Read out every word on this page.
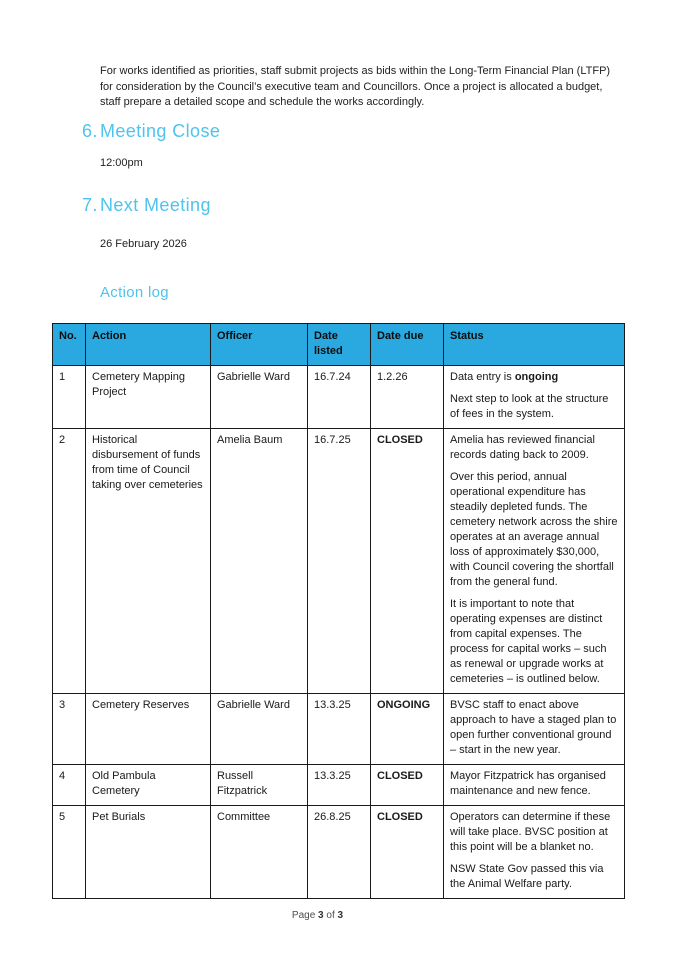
For works identified as priorities, staff submit projects as bids within the Long-Term Financial Plan (LTFP) for consideration by the Council’s executive team and Councillors. Once a project is allocated a budget, staff prepare a detailed scope and schedule the works accordingly.

6. Meeting Close

12:00pm

7. Next Meeting

26 February 2026

Action log
No.	Action	Officer	Date listed	Date due	Status
1	Cemetery Mapping Project	Gabrielle Ward	16.7.24	1.2.26	Data entry is ongoing

Next step to look at the structure of fees in the system.

2	Historical disbursement of funds from time of Council taking over cemeteries	Amelia Baum	16.7.25	CLOSED	Amelia has reviewed financial records dating back to 2009.

Over this period, annual operational expenditure has steadily depleted funds. The cemetery network across the shire operates at an average annual loss of approximately $30,000, with Council covering the shortfall from the general fund.

It is important to note that operating expenses are distinct from capital expenses. The process for capital works – such as renewal or upgrade works at cemeteries – is outlined below.

3	Cemetery Reserves	Gabrielle Ward	13.3.25	ONGOING	BVSC staff to enact above approach to have a staged plan to open further conventional ground – start in the new year.

4	Old Pambula Cemetery	Russell Fitzpatrick	13.3.25	CLOSED	Mayor Fitzpatrick has organised maintenance and new fence.

5	Pet Burials	Committee	26.8.25	CLOSED	Operators can determine if these will take place. BVSC position at this point will be a blanket no.

NSW State Gov passed this via the Animal Welfare party.

Page 3 of 3
